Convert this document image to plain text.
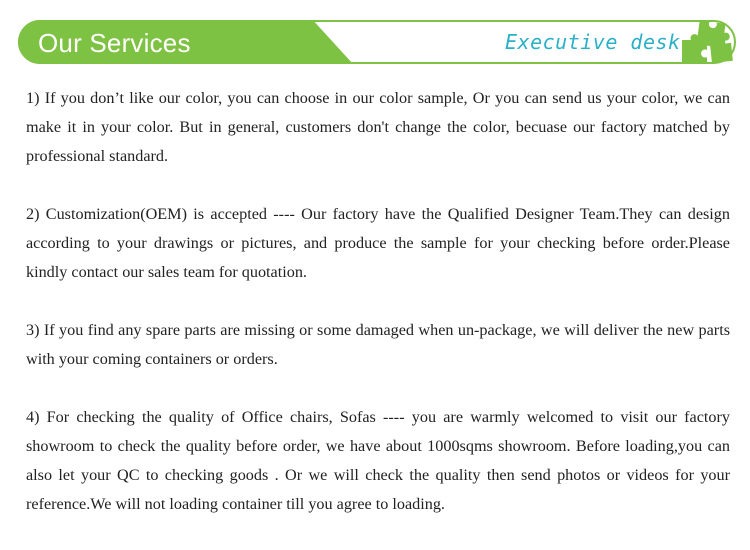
Our Services	Executive desk

1) If you don’t like our color, you can choose in our color sample, Or you can send us your color, we can make it in your color. But in general, customers don't change the color, becuase our factory matched by professional standard.

2) Customization(OEM) is accepted ---- Our factory have the Qualified Designer Team.They can design according to your drawings or pictures, and produce the sample for your checking before order.Please kindly contact our sales team for quotation.

3) If you find any spare parts are missing or some damaged when un-package, we will deliver the new parts with your coming containers or orders.

4) For checking the quality of Office chairs, Sofas ---- you are warmly welcomed to visit our factory showroom to check the quality before order, we have about 1000sqms showroom. Before loading,you can also let your QC to checking goods . Or we will check the quality then send photos or videos for your reference.We will not loading container till you agree to loading.
